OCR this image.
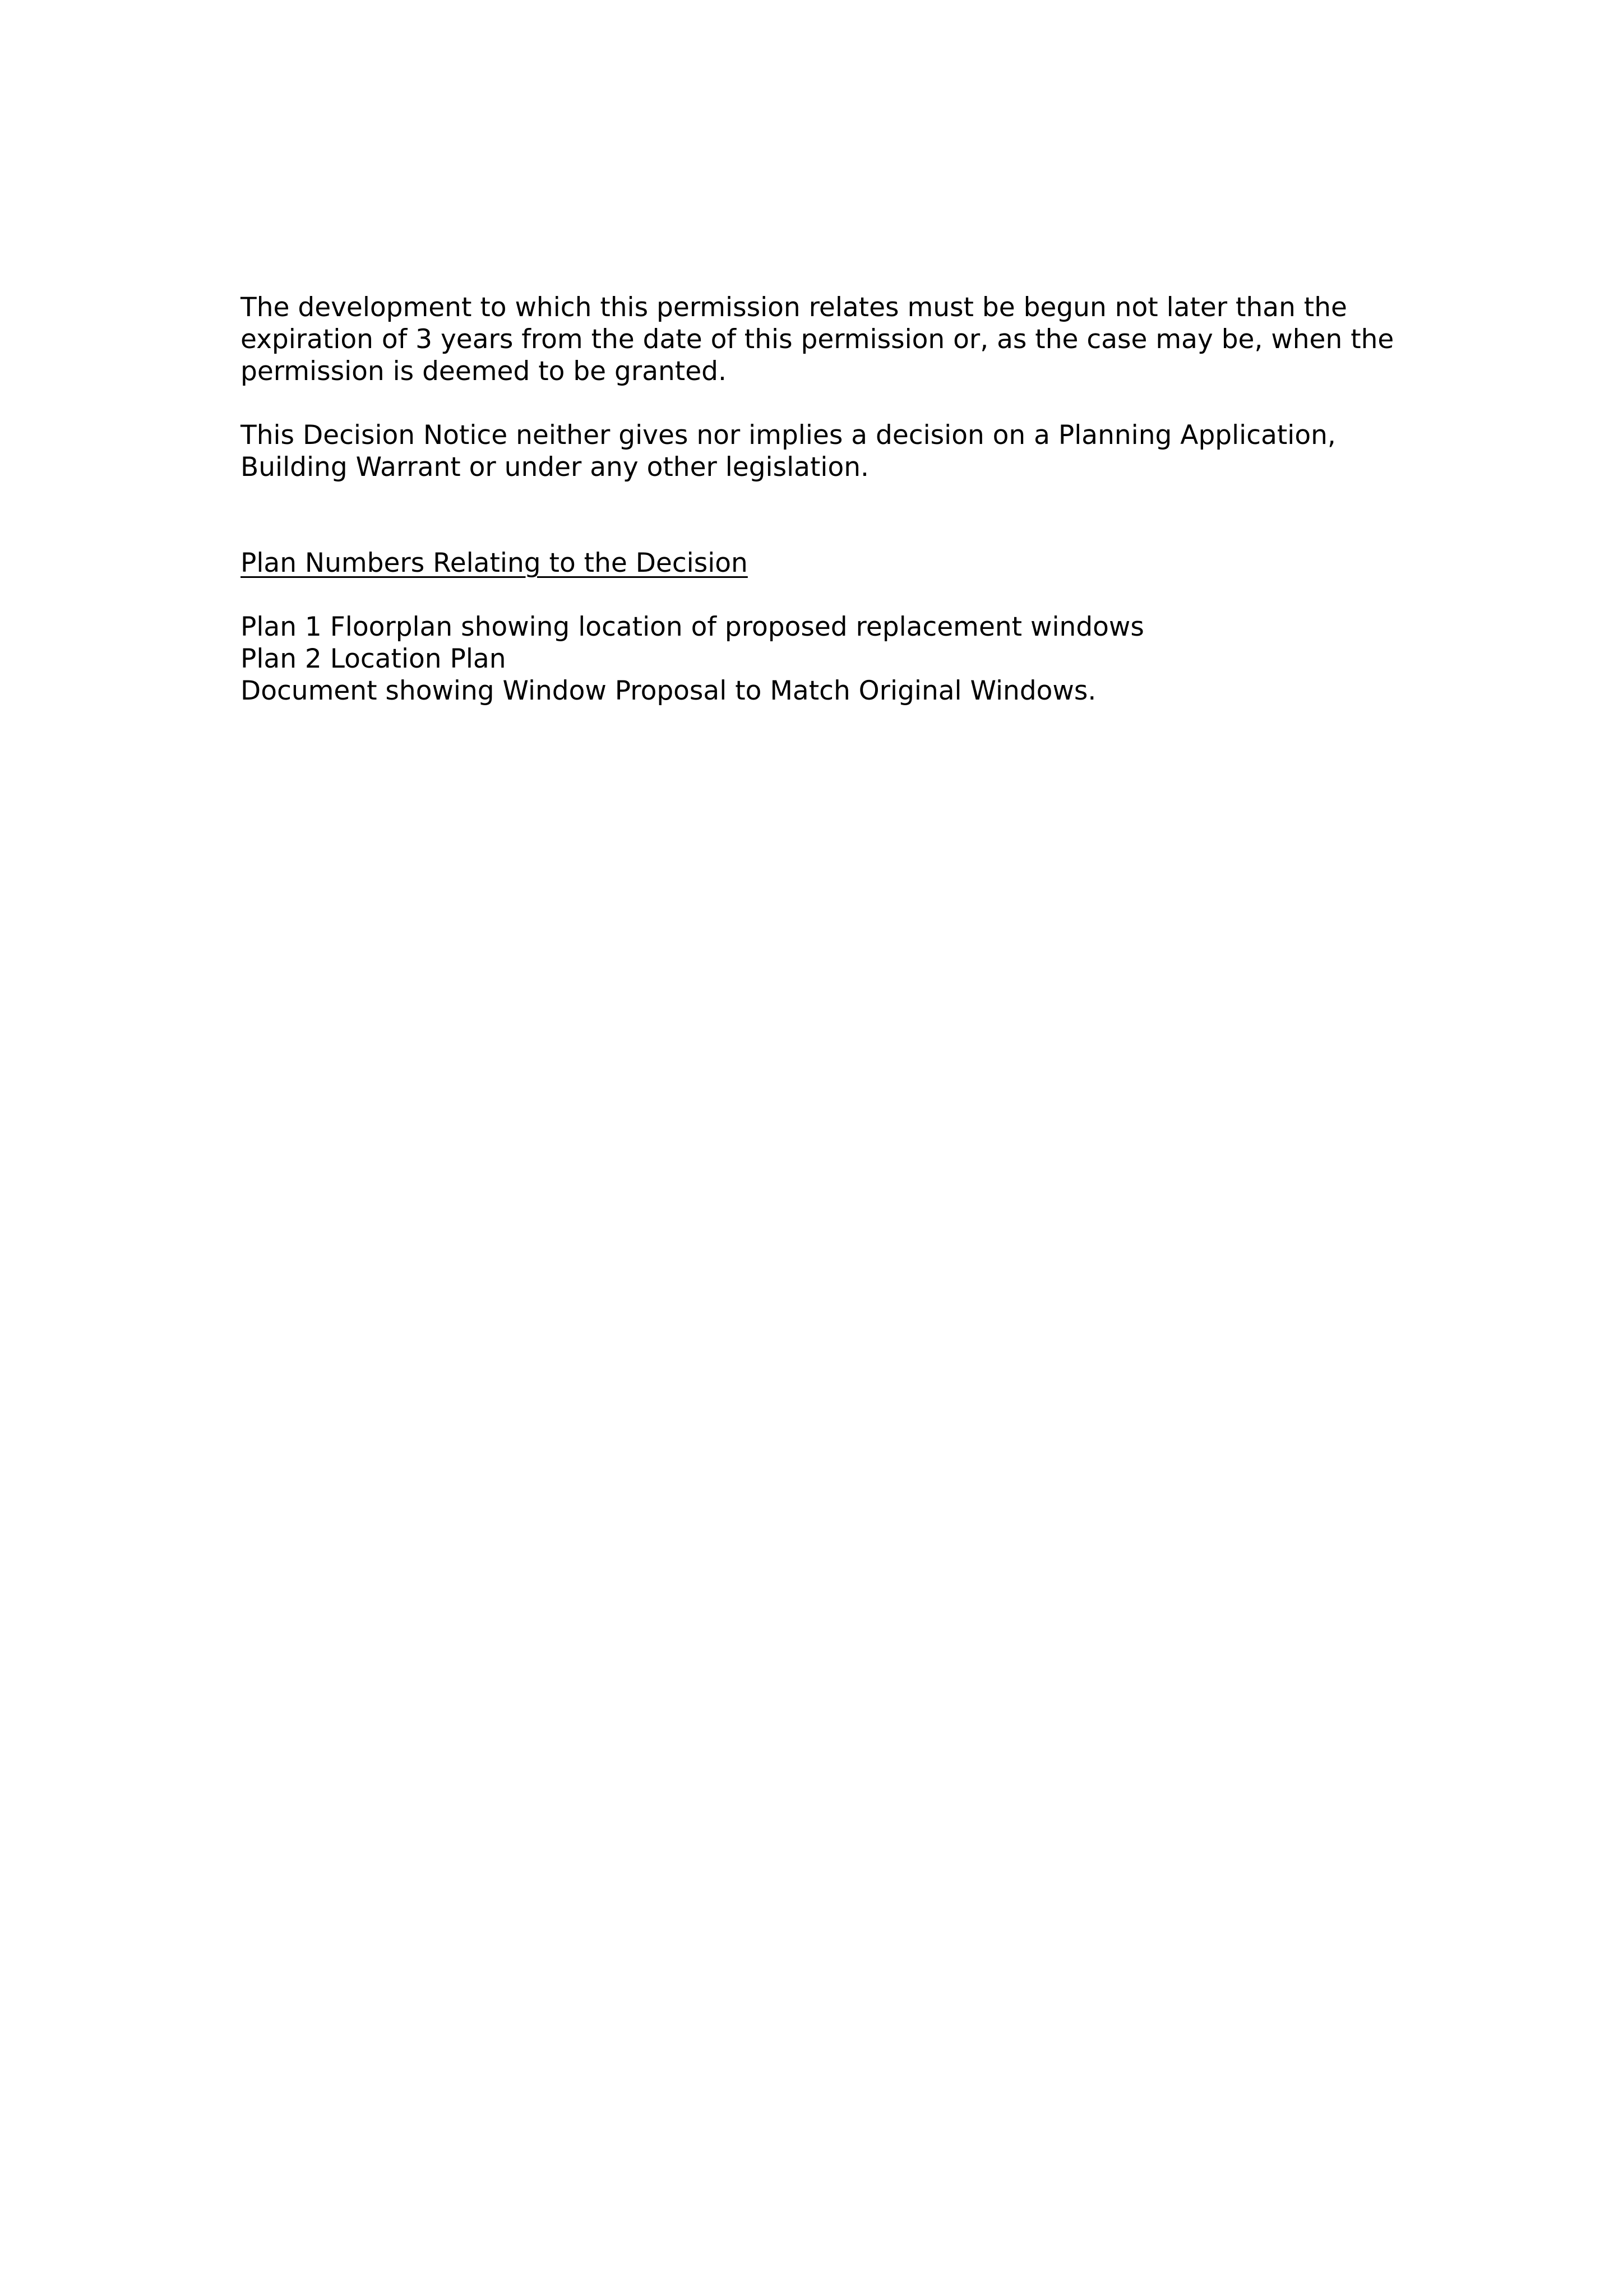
The development to which this permission relates must be begun not later than the expiration of 3 years from the date of this permission or, as the case may be, when the permission is deemed to be granted.

This Decision Notice neither gives nor implies a decision on a Planning Application, Building Warrant or under any other legislation.

Plan Numbers Relating to the Decision

Plan 1 Floorplan showing location of proposed replacement windows

Plan 2 Location Plan

Document showing Window Proposal to Match Original Windows.
